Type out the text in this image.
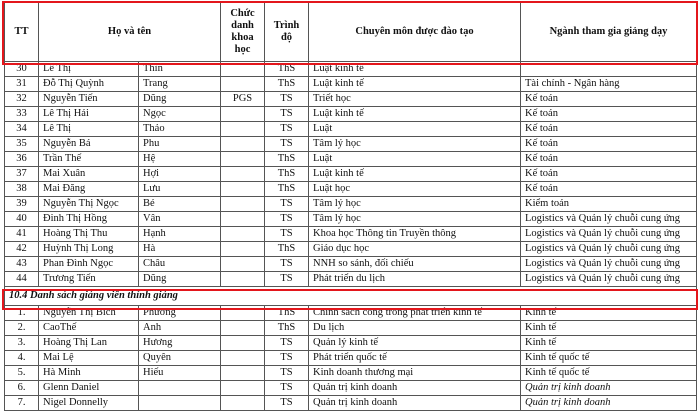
TT	Họ và tên		Chức danh khoa học	Trình độ	Chuyên môn được đào tạo	Ngành tham gia giảng dạy
30	Lê Thị	Thìn		ThS	Luật kinh tế	
31	Đỗ Thị Quỳnh	Trang		ThS	Luật kinh tế	Tài chính - Ngân hàng
32	Nguyễn Tiến	Dũng	PGS	TS	Triết học	Kế toán
33	Lê Thị Hải	Ngọc		TS	Luật kinh tế	Kế toán
34	Lê Thị	Thảo		TS	Luật	Kế toán
35	Nguyễn Bá	Phu		TS	Tâm lý học	Kế toán
36	Trần Thế	Hệ		ThS	Luật	Kế toán
37	Mai Xuân	Hợi		ThS	Luật kinh tế	Kế toán
38	Mai Đăng	Lưu		ThS	Luật học	Kế toán
39	Nguyễn Thị Ngọc	Bé		TS	Tâm lý học	Kiểm toán
40	Đinh Thị Hồng	Vân		TS	Tâm lý học	Logistics và Quản lý chuỗi cung ứng
41	Hoàng Thị Thu	Hạnh		TS	Khoa học Thông tin Truyền thông	Logistics và Quản lý chuỗi cung ứng
42	Huỳnh Thị Long	Hà		ThS	Giáo dục học	Logistics và Quản lý chuỗi cung ứng
43	Phan Đình Ngọc	Châu		TS	NNH so sánh, đối chiếu	Logistics và Quản lý chuỗi cung ứng
44	Trương Tiến	Dũng		TS	Phát triển du lịch	Logistics và Quản lý chuỗi cung ứng
10.4 Danh sách giảng viên thỉnh giảng						
1.	Nguyễn Thị Bích	Phương		ThS	Chính sách công trong phát triển kinh tế	Kinh tế
2.	CaoThế	Anh		ThS	Du lịch	Kinh tế
3.	Hoàng Thị Lan	Hương		TS	Quản lý kinh tế	Kinh tế
4.	Mai Lệ	Quyên		TS	Phát triển quốc tế	Kinh tế quốc tế
5.	Hà Minh	Hiếu		TS	Kinh doanh thương mại	Kinh tế quốc tế
6.	Glenn Daniel			TS	Quản trị kinh doanh	Quản trị kinh doanh
7.	Nigel Donnelly			TS	Quản trị kinh doanh	Quản trị kinh doanh
